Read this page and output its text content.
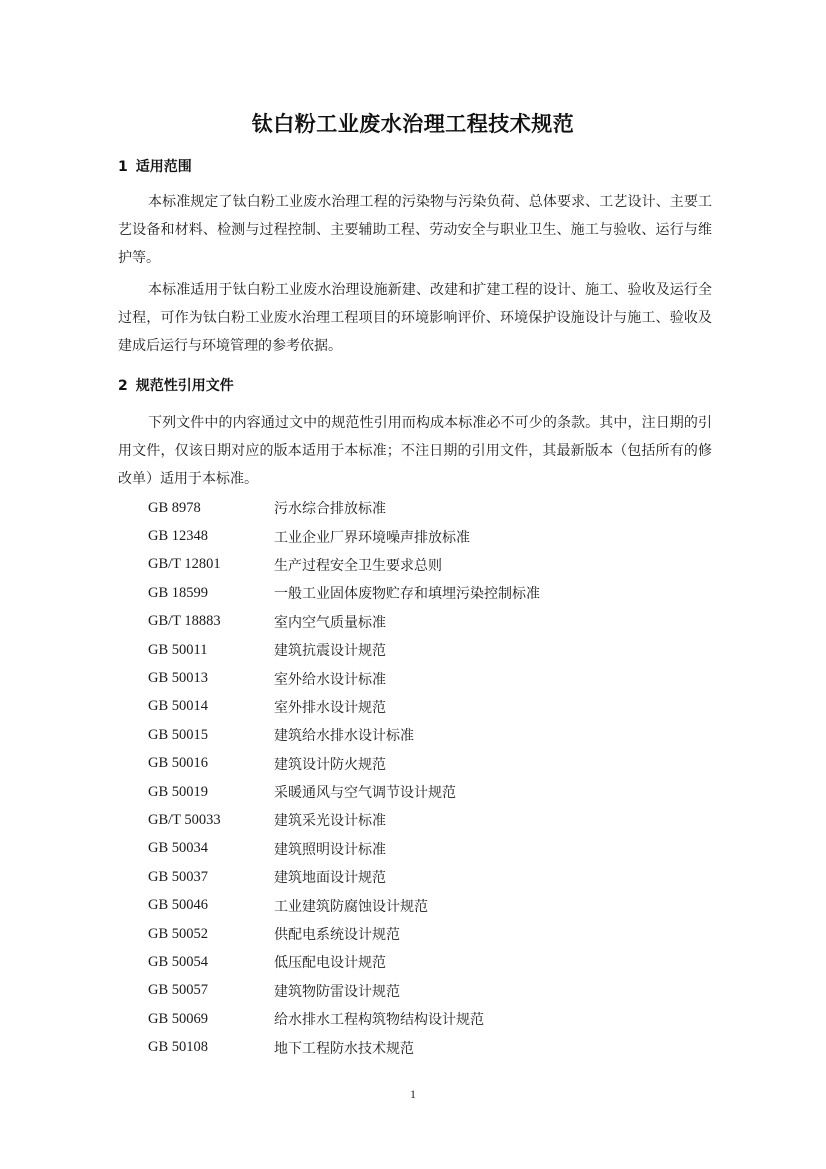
钛白粉工业废水治理工程技术规范
1 适用范围

本标准规定了钛白粉工业废水治理工程的污染物与污染负荷、总体要求、工艺设计、主要工艺设备和材料、检测与过程控制、主要辅助工程、劳动安全与职业卫生、施工与验收、运行与维护等。

本标准适用于钛白粉工业废水治理设施新建、改建和扩建工程的设计、施工、验收及运行全过程，可作为钛白粉工业废水治理工程项目的环境影响评价、环境保护设施设计与施工、验收及建成后运行与环境管理的参考依据。

2 规范性引用文件

下列文件中的内容通过文中的规范性引用而构成本标准必不可少的条款。其中，注日期的引用文件，仅该日期对应的版本适用于本标准；不注日期的引用文件，其最新版本（包括所有的修改单）适用于本标准。

GB 8978	污水综合排放标准
GB 12348	工业企业厂界环境噪声排放标准
GB/T 12801	生产过程安全卫生要求总则
GB 18599	一般工业固体废物贮存和填埋污染控制标准
GB/T 18883	室内空气质量标准
GB 50011	建筑抗震设计规范
GB 50013	室外给水设计标准
GB 50014	室外排水设计规范
GB 50015	建筑给水排水设计标准
GB 50016	建筑设计防火规范
GB 50019	采暖通风与空气调节设计规范
GB/T 50033	建筑采光设计标准
GB 50034	建筑照明设计标准
GB 50037	建筑地面设计规范
GB 50046	工业建筑防腐蚀设计规范
GB 50052	供配电系统设计规范
GB 50054	低压配电设计规范
GB 50057	建筑物防雷设计规范
GB 50069	给水排水工程构筑物结构设计规范
GB 50108	地下工程防水技术规范
1
